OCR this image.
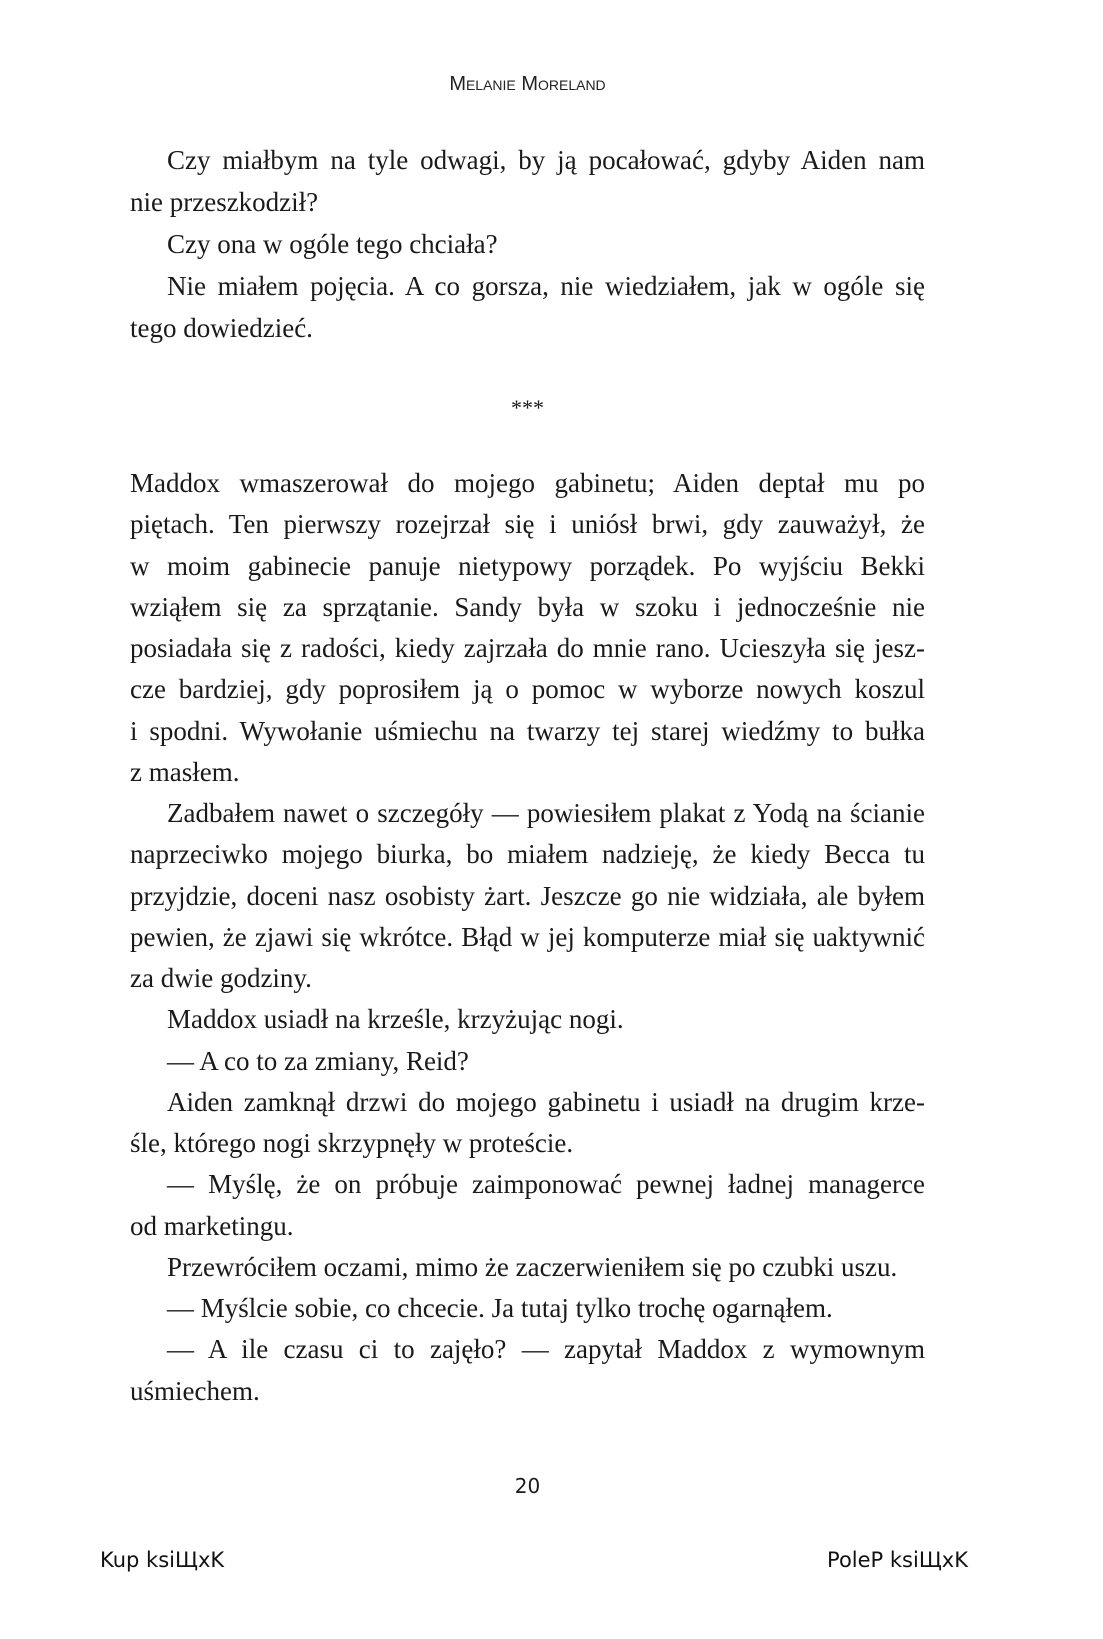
Melanie Moreland
Czy miałbym na tyle odwagi, by ją pocałować, gdyby Aiden nam
nie przeszkodził?
Czy ona w ogóle tego chciała?
Nie miałem pojęcia. A co gorsza, nie wiedziałem, jak w ogóle się
tego dowiedzieć.
***
Maddox wmaszerował do mojego gabinetu; Aiden deptał mu po
piętach. Ten pierwszy rozejrzał się i uniósł brwi, gdy zauważył, że
w moim gabinecie panuje nietypowy porządek. Po wyjściu Bekki
wziąłem się za sprzątanie. Sandy była w szoku i jednocześnie nie
posiadała się z radości, kiedy zajrzała do mnie rano. Ucieszyła się jesz-
cze bardziej, gdy poprosiłem ją o pomoc w wyborze nowych koszul
i spodni. Wywołanie uśmiechu na twarzy tej starej wiedźmy to bułka
z masłem.
Zadbałem nawet o szczegóły — powiesiłem plakat z Yodą na ścianie
naprzeciwko mojego biurka, bo miałem nadzieję, że kiedy Becca tu
przyjdzie, doceni nasz osobisty żart. Jeszcze go nie widziała, ale byłem
pewien, że zjawi się wkrótce. Błąd w jej komputerze miał się uaktywnić
za dwie godziny.
Maddox usiadł na krześle, krzyżując nogi.
— A co to za zmiany, Reid?
Aiden zamknął drzwi do mojego gabinetu i usiadł na drugim krze-
śle, którego nogi skrzypnęły w proteście.
— Myślę, że on próbuje zaimponować pewnej ładnej managerce
od marketingu.
Przewróciłem oczami, mimo że zaczerwieniłem się po czubki uszu.
— Myślcie sobie, co chcecie. Ja tutaj tylko trochę ogarnąłem.
— A ile czasu ci to zajęło? — zapytał Maddox z wymownym
uśmiechem.
20
Kup ksiЩxK	PoleP ksiЩxK
